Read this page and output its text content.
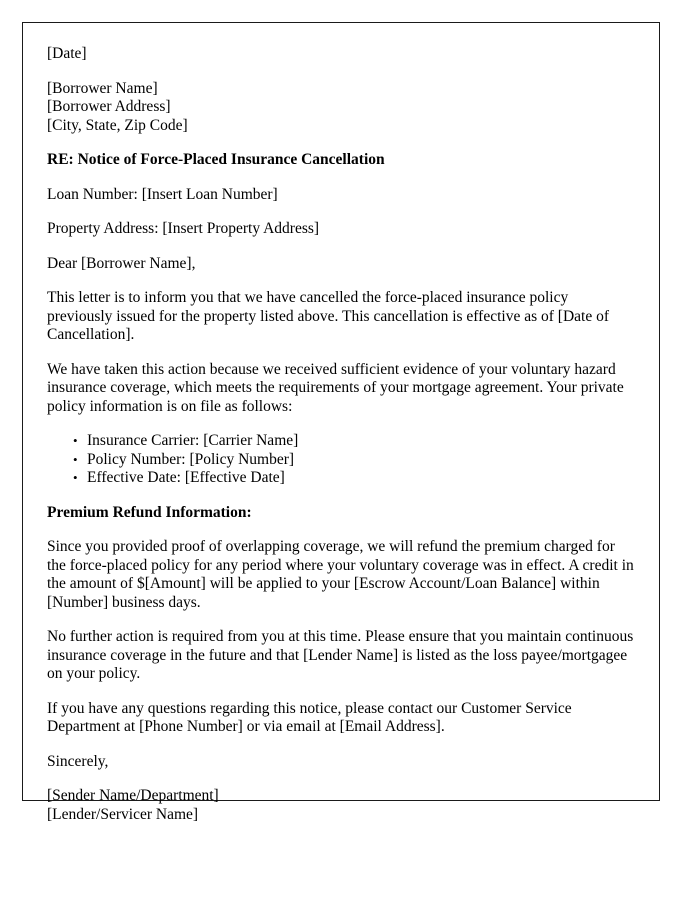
[Date]

[Borrower Name]
[Borrower Address]
[City, State, Zip Code]

RE: Notice of Force-Placed Insurance Cancellation

Loan Number: [Insert Loan Number]

Property Address: [Insert Property Address]

Dear [Borrower Name],

This letter is to inform you that we have cancelled the force-placed insurance policy previously issued for the property listed above. This cancellation is effective as of [Date of Cancellation].

We have taken this action because we received sufficient evidence of your voluntary hazard insurance coverage, which meets the requirements of your mortgage agreement. Your private policy information is on file as follows:

• Insurance Carrier: [Carrier Name]
• Policy Number: [Policy Number]
• Effective Date: [Effective Date]

Premium Refund Information:

Since you provided proof of overlapping coverage, we will refund the premium charged for the force-placed policy for any period where your voluntary coverage was in effect. A credit in the amount of $[Amount] will be applied to your [Escrow Account/Loan Balance] within [Number] business days.

No further action is required from you at this time. Please ensure that you maintain continuous insurance coverage in the future and that [Lender Name] is listed as the loss payee/mortgagee on your policy.

If you have any questions regarding this notice, please contact our Customer Service Department at [Phone Number] or via email at [Email Address].

Sincerely,

[Sender Name/Department]
[Lender/Servicer Name]
